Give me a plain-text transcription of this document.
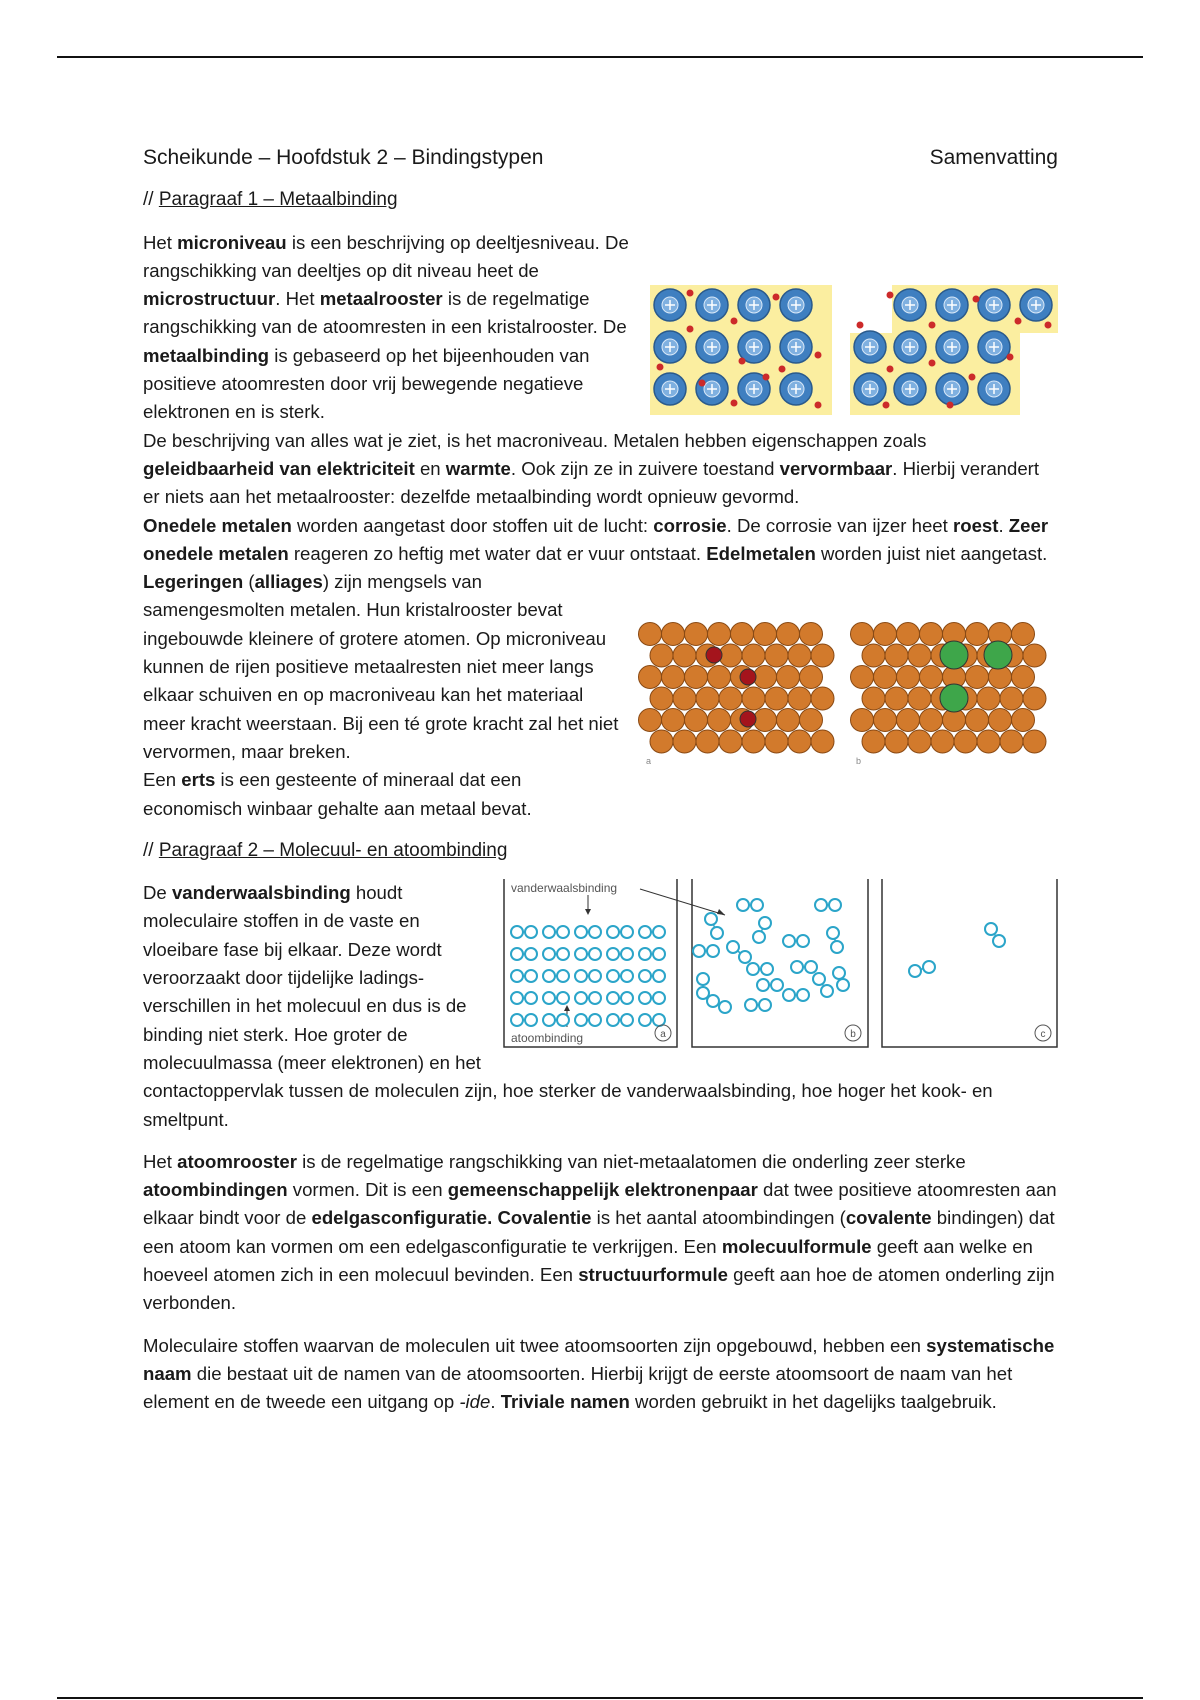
Scheikunde – Hoofdstuk 2 – Bindingstypen	Samenvatting
// Paragraaf 1 – Metaalbinding

Het microniveau is een beschrijving op deeltjesniveau. De rangschikking van deeltjes op dit niveau heet de microstructuur. Het metaalrooster is de regelmatige rangschikking van de atoomresten in een kristalrooster. De metaalbinding is gebaseerd op het bijeenhouden van positieve atoomresten door vrij bewegende negatieve elektronen en is sterk.

De beschrijving van alles wat je ziet, is het macroniveau. Metalen hebben eigenschappen zoals geleidbaarheid van elektriciteit en warmte. Ook zijn ze in zuivere toestand vervormbaar. Hierbij verandert er niets aan het metaalrooster: dezelfde metaalbinding wordt opnieuw gevormd.

Onedele metalen worden aangetast door stoffen uit de lucht: corrosie. De corrosie van ijzer heet roest. Zeer onedele metalen reageren zo heftig met water dat er vuur ontstaat. Edelmetalen worden juist niet aangetast.

a	b

Legeringen (alliages) zijn mengsels van samengesmolten metalen. Hun kristalrooster bevat ingebouwde kleinere of grotere atomen. Op microniveau kunnen de rijen positieve metaalresten niet meer langs elkaar schuiven en op macroniveau kan het materiaal meer kracht weerstaan. Bij een té grote kracht zal het niet vervormen, maar breken.

Een erts is een gesteente of mineraal dat een economisch winbaar gehalte aan metaal bevat.

// Paragraaf 2 – Molecuul- en atoombinding
vanderwaalsbinding
atoombinding	a	b	c

De vanderwaalsbinding houdt moleculaire stoffen in de vaste en vloeibare fase bij elkaar. Deze wordt veroorzaakt door tijdelijke ladings-verschillen in het molecuul en dus is de binding niet sterk. Hoe groter de molecuulmassa (meer elektronen) en het contactoppervlak tussen de moleculen zijn, hoe sterker de vanderwaalsbinding, hoe hoger het kook- en smeltpunt.

Het atoomrooster is de regelmatige rangschikking van niet-metaalatomen die onderling zeer sterke atoombindingen vormen. Dit is een gemeenschappelijk elektronenpaar dat twee positieve atoomresten aan elkaar bindt voor de edelgasconfiguratie. Covalentie is het aantal atoombindingen (covalente bindingen) dat een atoom kan vormen om een edelgasconfiguratie te verkrijgen. Een molecuulformule geeft aan welke en hoeveel atomen zich in een molecuul bevinden. Een structuurformule geeft aan hoe de atomen onderling zijn verbonden.

Moleculaire stoffen waarvan de moleculen uit twee atoomsoorten zijn opgebouwd, hebben een systematische naam die bestaat uit de namen van de atoomsoorten. Hierbij krijgt de eerste atoomsoort de naam van het element en de tweede een uitgang op -ide. Triviale namen worden gebruikt in het dagelijks taalgebruik.
